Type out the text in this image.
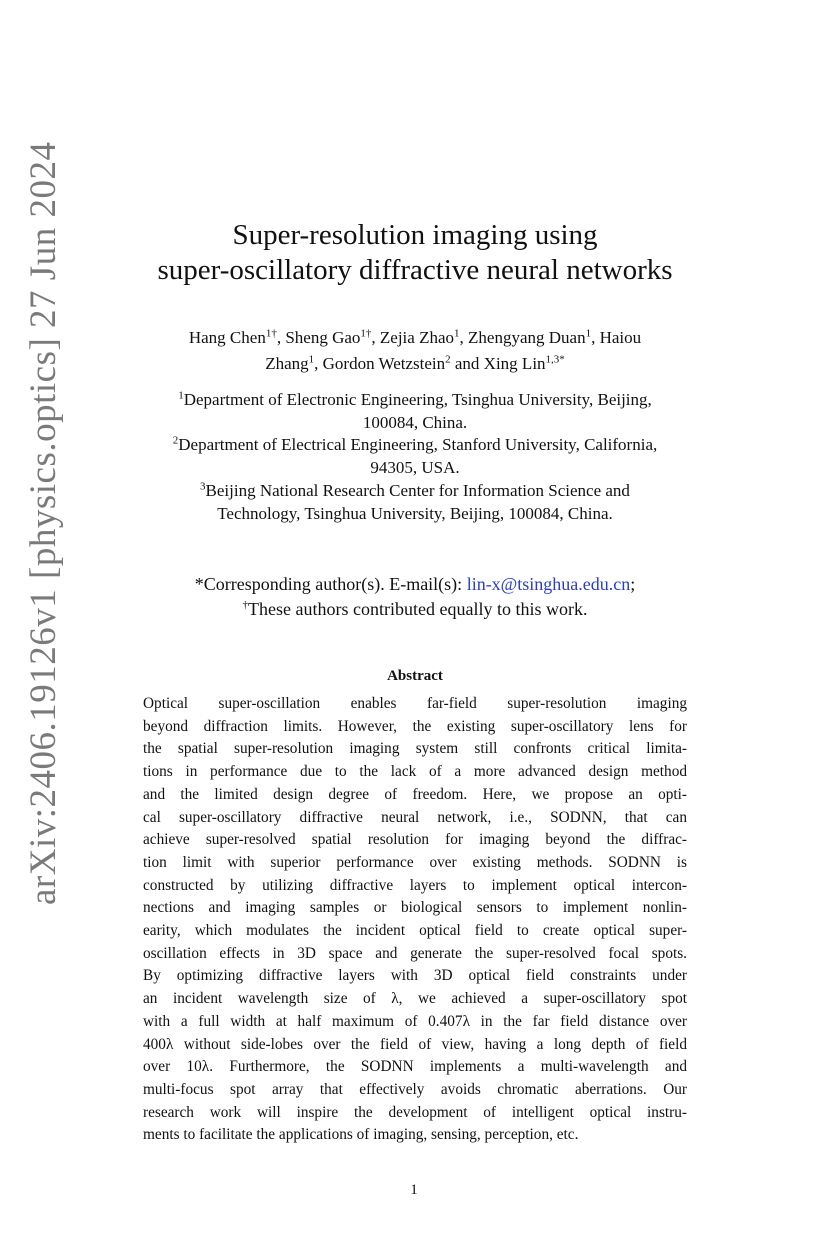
arXiv:2406.19126v1 [physics.optics] 27 Jun 2024	Super-resolution imaging using
super-oscillatory diffractive neural networks
Hang Chen$^{1\dagger}$, Sheng Gao$^{1\dagger}$, Zejia Zhao$^1$, Zhengyang Duan$^1$, Haiou
Zhang$^1$, Gordon Wetzstein$^2$ and Xing Lin$^{1,3*}$
$^1$Department of Electronic Engineering, Tsinghua University, Beijing,
100084, China.
$^2$Department of Electrical Engineering, Stanford University, California,
94305, USA.
$^3$Beijing National Research Center for Information Science and
Technology, Tsinghua University, Beijing, 100084, China.
*Corresponding author(s). E-mail(s): lin-x@tsinghua.edu.cn;
†These authors contributed equally to this work.
Abstract
Optical super-oscillation enables far-field super-resolution imaging
beyond diffraction limits. However, the existing super-oscillatory lens for
the spatial super-resolution imaging system still confronts critical limita-
tions in performance due to the lack of a more advanced design method
and the limited design degree of freedom. Here, we propose an opti-
cal super-oscillatory diffractive neural network, i.e., SODNN, that can
achieve super-resolved spatial resolution for imaging beyond the diffrac-
tion limit with superior performance over existing methods. SODNN is
constructed by utilizing diffractive layers to implement optical intercon-
nections and imaging samples or biological sensors to implement nonlin-
earity, which modulates the incident optical field to create optical super-
oscillation effects in 3D space and generate the super-resolved focal spots.
By optimizing diffractive layers with 3D optical field constraints under
an incident wavelength size of λ, we achieved a super-oscillatory spot
with a full width at half maximum of 0.407λ in the far field distance over
400λ without side-lobes over the field of view, having a long depth of field
over 10λ. Furthermore, the SODNN implements a multi-wavelength and
multi-focus spot array that effectively avoids chromatic aberrations. Our
research work will inspire the development of intelligent optical instru-
ments to facilitate the applications of imaging, sensing, perception, etc.
1
